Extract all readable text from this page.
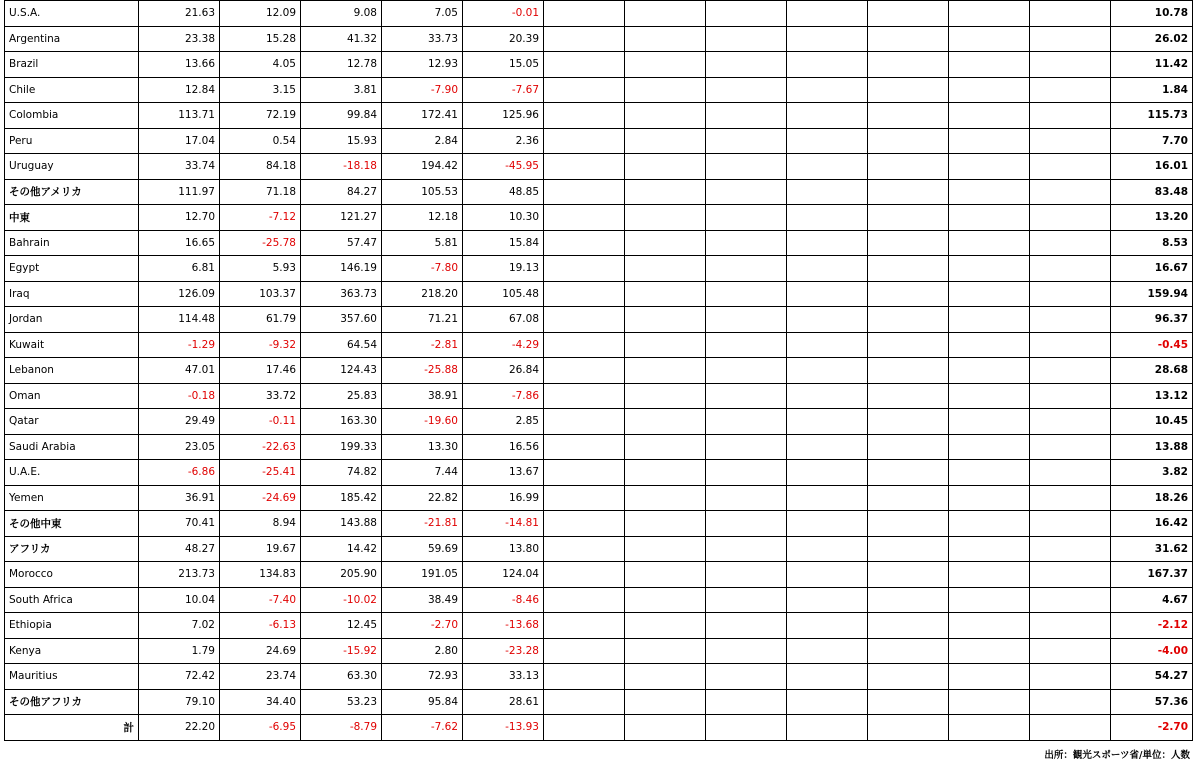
U.S.A.	21.63	12.09	9.08	7.05	-0.01								10.78
Argentina	23.38	15.28	41.32	33.73	20.39								26.02
Brazil	13.66	4.05	12.78	12.93	15.05								11.42
Chile	12.84	3.15	3.81	-7.90	-7.67								1.84
Colombia	113.71	72.19	99.84	172.41	125.96								115.73
Peru	17.04	0.54	15.93	2.84	2.36								7.70
Uruguay	33.74	84.18	-18.18	194.42	-45.95								16.01
その他アメリカ	111.97	71.18	84.27	105.53	48.85								83.48
中東	12.70	-7.12	121.27	12.18	10.30								13.20
Bahrain	16.65	-25.78	57.47	5.81	15.84								8.53
Egypt	6.81	5.93	146.19	-7.80	19.13								16.67
Iraq	126.09	103.37	363.73	218.20	105.48								159.94
Jordan	114.48	61.79	357.60	71.21	67.08								96.37
Kuwait	-1.29	-9.32	64.54	-2.81	-4.29								-0.45
Lebanon	47.01	17.46	124.43	-25.88	26.84								28.68
Oman	-0.18	33.72	25.83	38.91	-7.86								13.12
Qatar	29.49	-0.11	163.30	-19.60	2.85								10.45
Saudi Arabia	23.05	-22.63	199.33	13.30	16.56								13.88
U.A.E.	-6.86	-25.41	74.82	7.44	13.67								3.82
Yemen	36.91	-24.69	185.42	22.82	16.99								18.26
その他中東	70.41	8.94	143.88	-21.81	-14.81								16.42
アフリカ	48.27	19.67	14.42	59.69	13.80								31.62
Morocco	213.73	134.83	205.90	191.05	124.04								167.37
South Africa	10.04	-7.40	-10.02	38.49	-8.46								4.67
Ethiopia	7.02	-6.13	12.45	-2.70	-13.68								-2.12
Kenya	1.79	24.69	-15.92	2.80	-23.28								-4.00
Mauritius	72.42	23.74	63.30	72.93	33.13								54.27
その他アフリカ	79.10	34.40	53.23	95.84	28.61								57.36
計	22.20	-6.95	-8.79	-7.62	-13.93								-2.70
出所：観光スポーツ省/単位：人数
